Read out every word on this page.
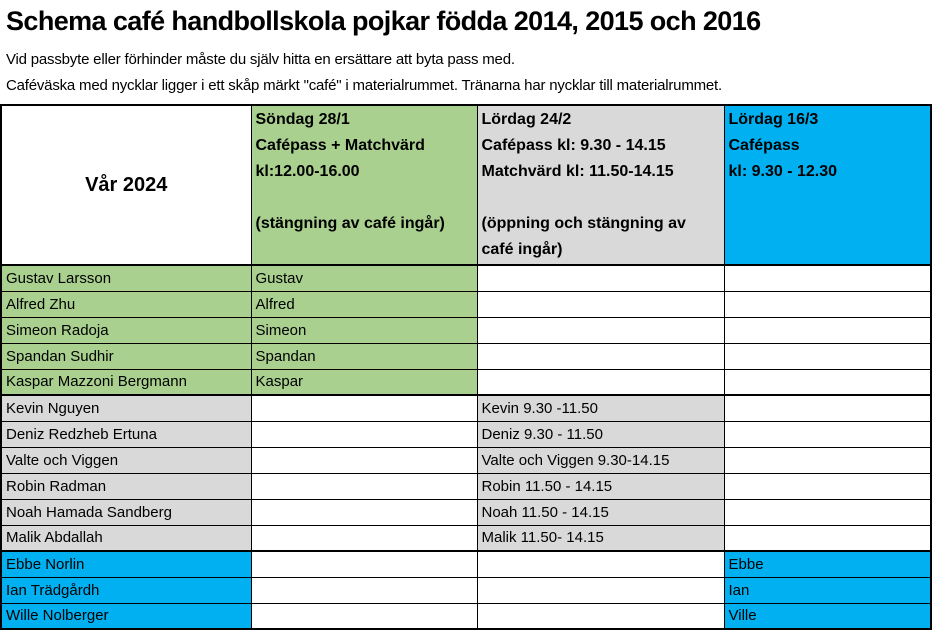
Schema café handbollskola pojkar födda 2014, 2015 och 2016

Vid passbyte eller förhinder måste du själv hitta en ersättare att byta pass med.

Caféväska med nycklar ligger i ett skåp märkt "café" i materialrummet. Tränarna har nycklar till materialrummet.

Vår 2024	
Söndag 28/1
Cafépass + Matchvärd
kl:12.00-16.00
(stängning av café ingår)

Lördag 24/2
Cafépass kl: 9.30 - 14.15
Matchvärd kl: 11.50-14.15
(öppning och stängning av café ingår)

Lördag 16/3
Cafépass
kl: 9.30 - 12.30

Gustav Larsson	Gustav		
Alfred Zhu	Alfred		
Simeon Radoja	Simeon		
Spandan Sudhir	Spandan		
Kaspar Mazzoni Bergmann	Kaspar		
Kevin Nguyen		Kevin 9.30 -11.50	
Deniz Redzheb Ertuna		Deniz 9.30 - 11.50	
Valte och Viggen		Valte och Viggen 9.30-14.15	
Robin Radman		Robin 11.50 - 14.15	
Noah Hamada Sandberg		Noah 11.50 - 14.15	
Malik Abdallah		Malik 11.50- 14.15	
Ebbe Norlin			Ebbe
Ian Trädgårdh			Ian
Wille Nolberger			Ville
